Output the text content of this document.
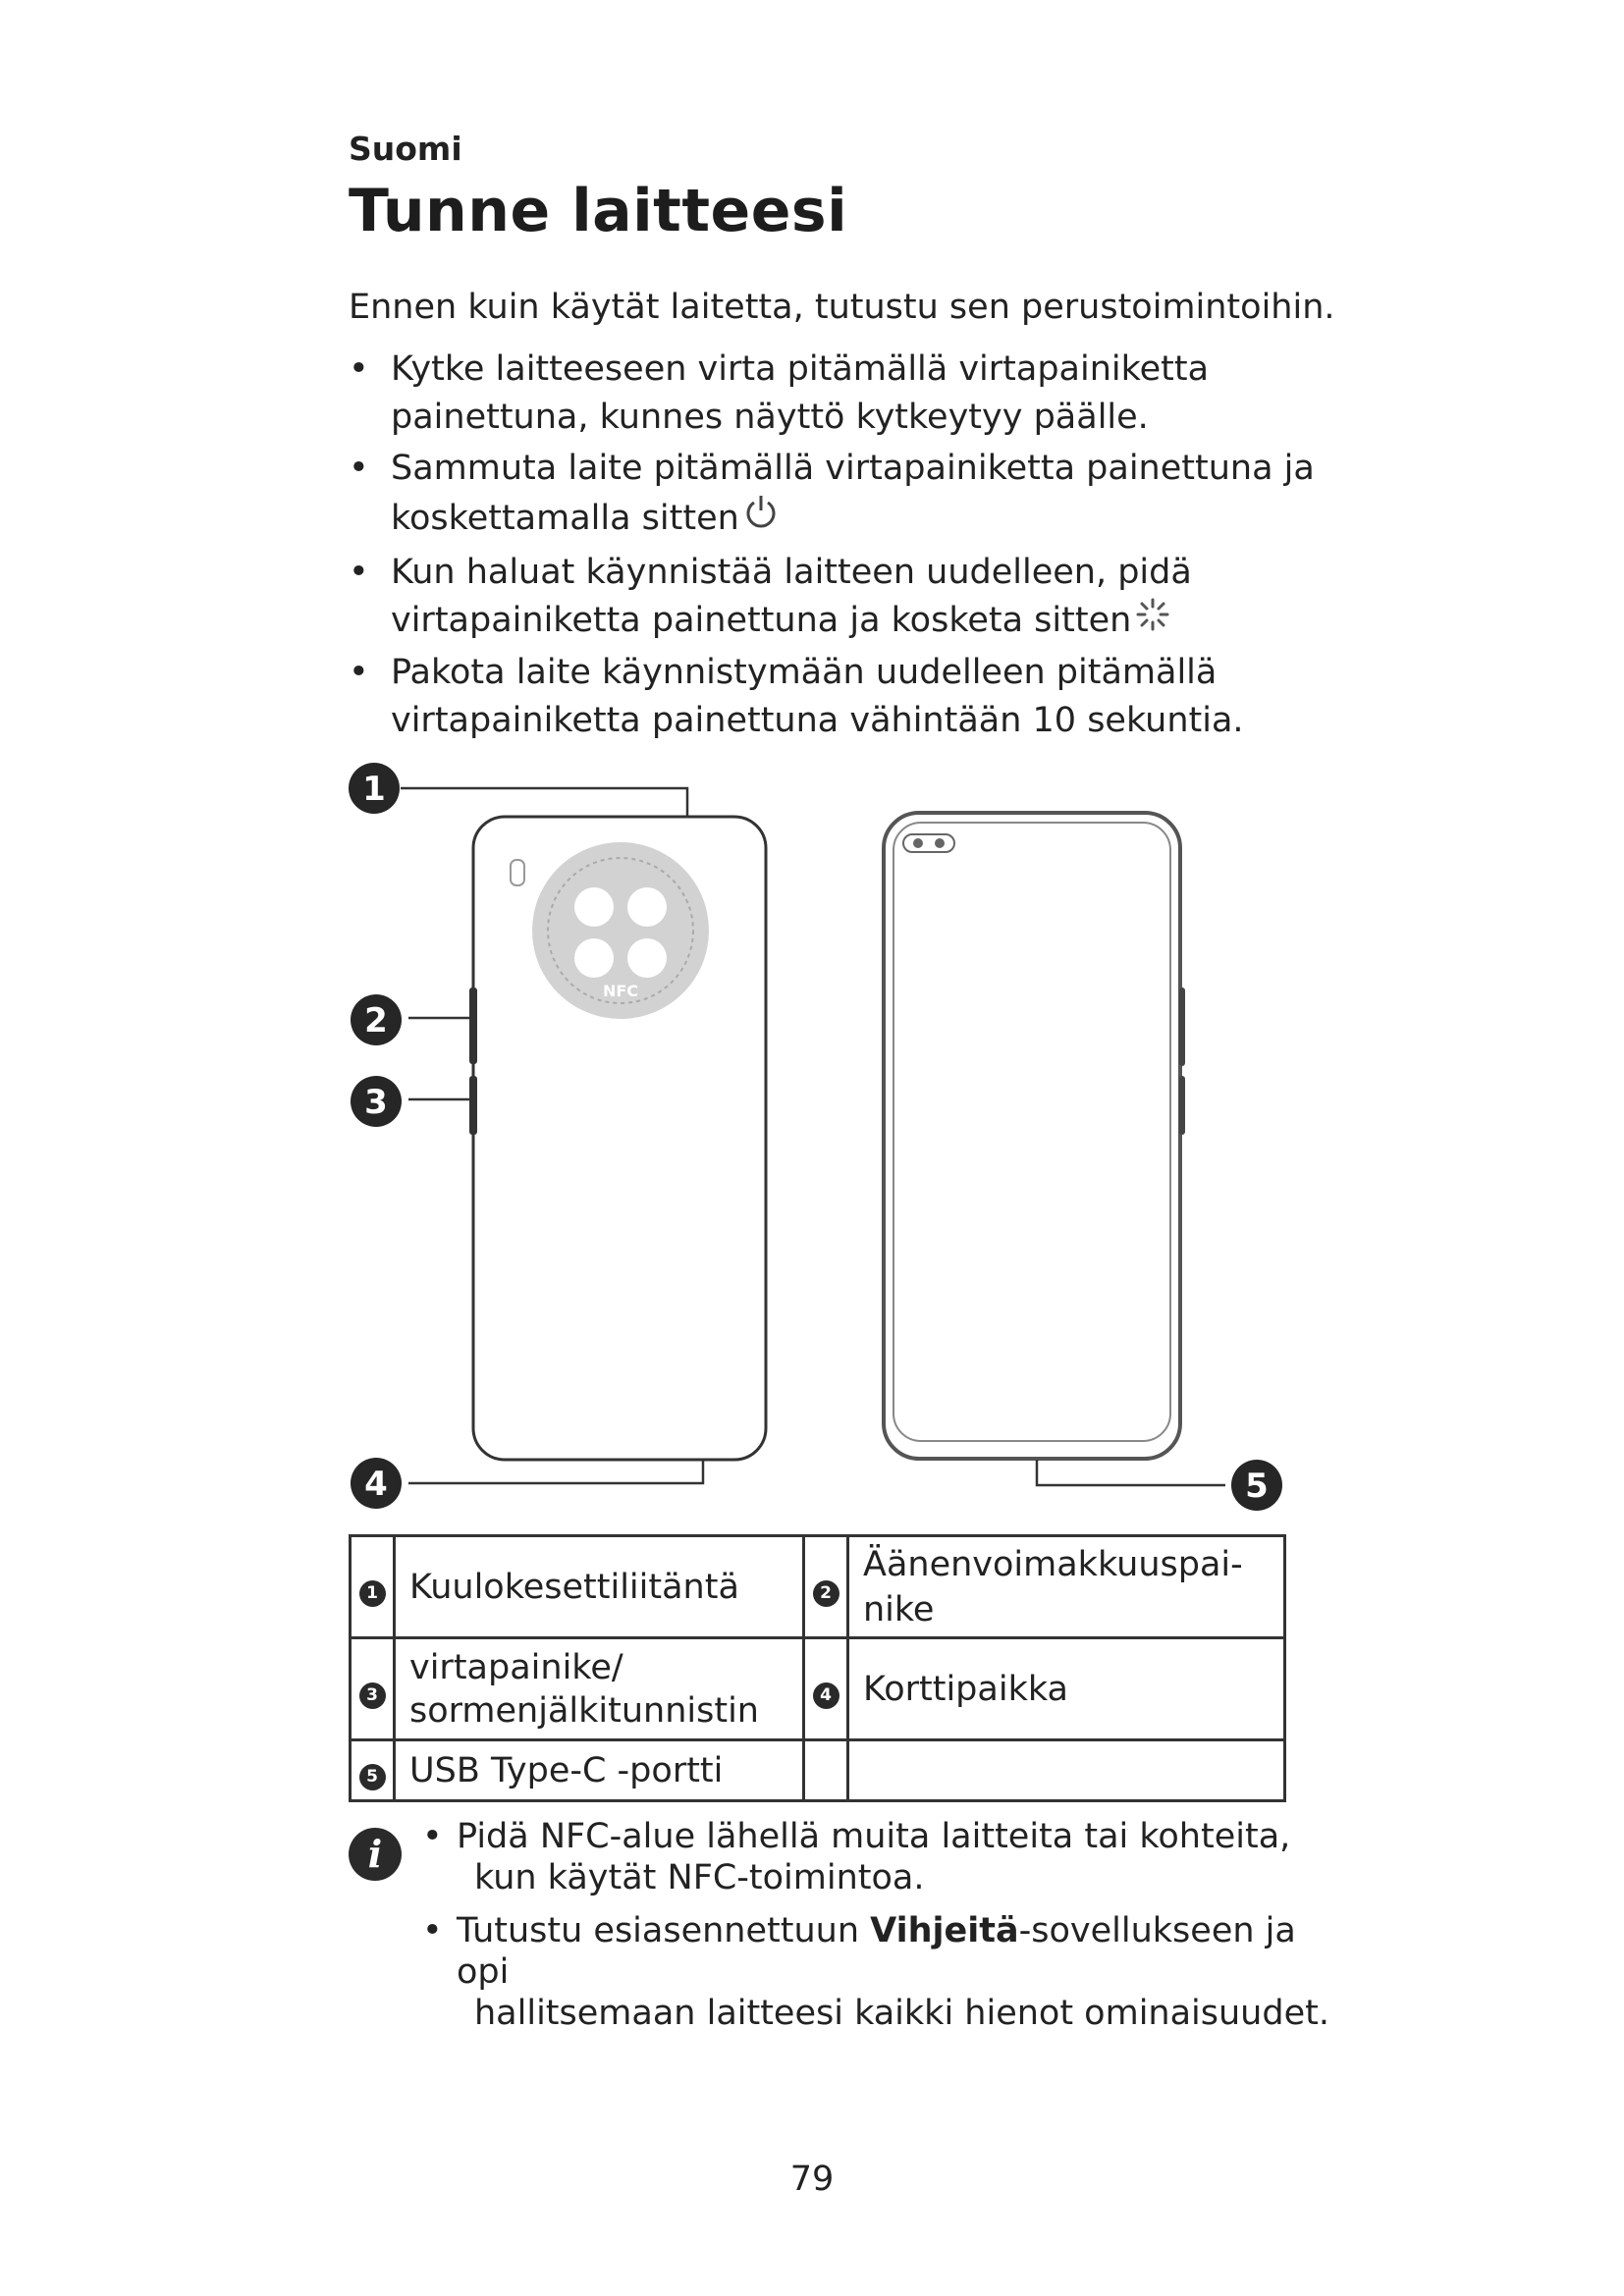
Suomi
Tunne laitteesi
Ennen kuin käytät laitetta, tutustu sen perustoimintoihin.
• Kytke laitteeseen virta pitämällä virtapainiketta
painettuna, kunnes näyttö kytkeytyy päälle.
• Sammuta laite pitämällä virtapainiketta painettuna ja
koskettamalla sitten
• Kun haluat käynnistää laitteen uudelleen, pidä
virtapainiketta painettuna ja kosketa sitten
• Pakota laite käynnistymään uudelleen pitämällä
virtapainiketta painettuna vähintään 10 sekuntia.
NFC
1
2
3
4	5
1	Kuulokesettiliitäntä	2	Äänenvoimakkuuspai-
nike
3	virtapainike/
sormenjälkitunnistin	4	Korttipaikka
5	USB Type-C -portti		
i	• Pidä NFC-alue lähellä muita laitteita tai kohteita,
kun käytät NFC-toimintoa.
• Tutustu esiasennettuun Vihjeitä-sovellukseen ja opi
hallitsemaan laitteesi kaikki hienot ominaisuudet.
79
